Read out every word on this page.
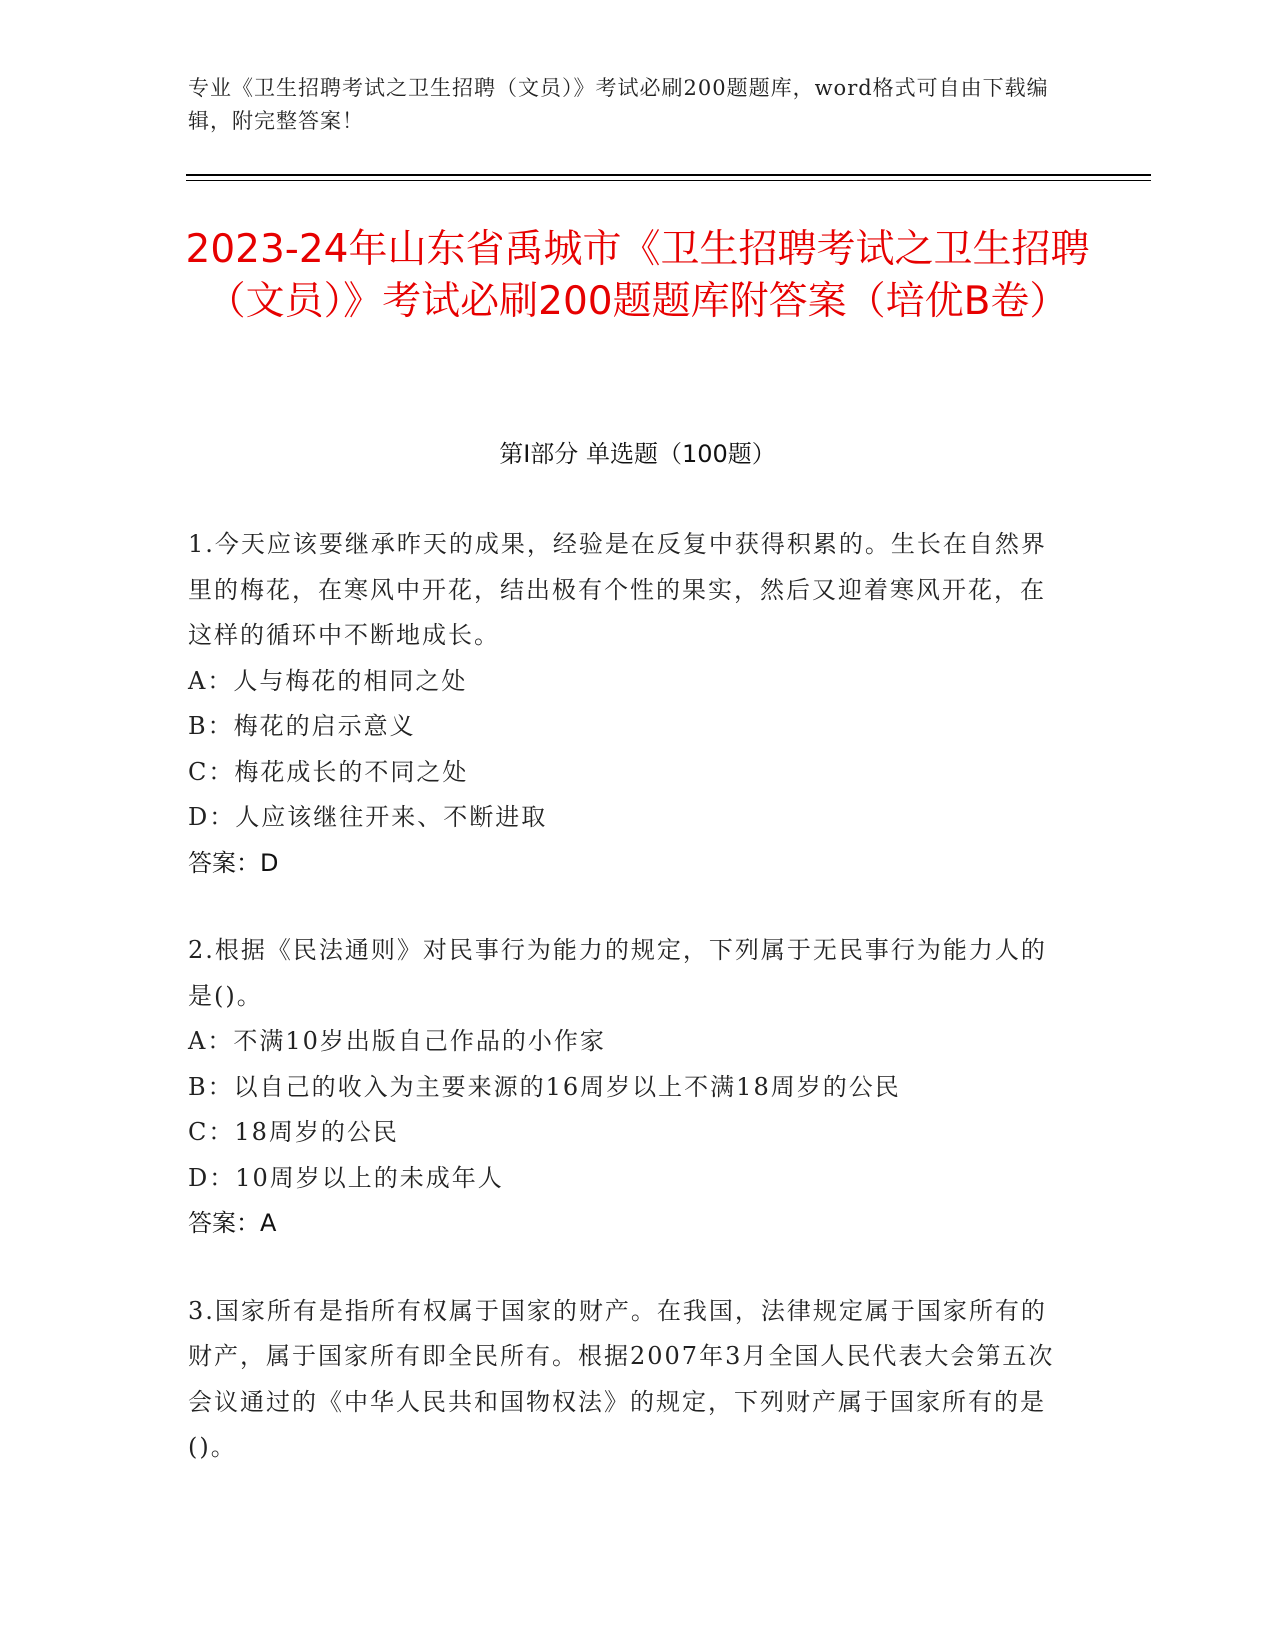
专业《卫生招聘考试之卫生招聘（文员）》考试必刷200题题库，word格式可自由下载编辑，附完整答案！
2023-24年山东省禹城市《卫生招聘考试之卫生招聘（文员）》考试必刷200题题库附答案（培优B卷）
第I部分 单选题（100题）

1.今天应该要继承昨天的成果，经验是在反复中获得积累的。生长在自然界里的梅花，在寒风中开花，结出极有个性的果实，然后又迎着寒风开花，在这样的循环中不断地成长。

A：人与梅花的相同之处

B：梅花的启示意义

C：梅花成长的不同之处

D：人应该继往开来、不断进取

答案：D

2.根据《民法通则》对民事行为能力的规定，下列属于无民事行为能力人的是()。

A：不满10岁出版自己作品的小作家

B：以自己的收入为主要来源的16周岁以上不满18周岁的公民

C：18周岁的公民

D：10周岁以上的未成年人

答案：A

3.国家所有是指所有权属于国家的财产。在我国，法律规定属于国家所有的财产，属于国家所有即全民所有。根据2007年3月全国人民代表大会第五次会议通过的《中华人民共和国物权法》的规定，下列财产属于国家所有的是()。
